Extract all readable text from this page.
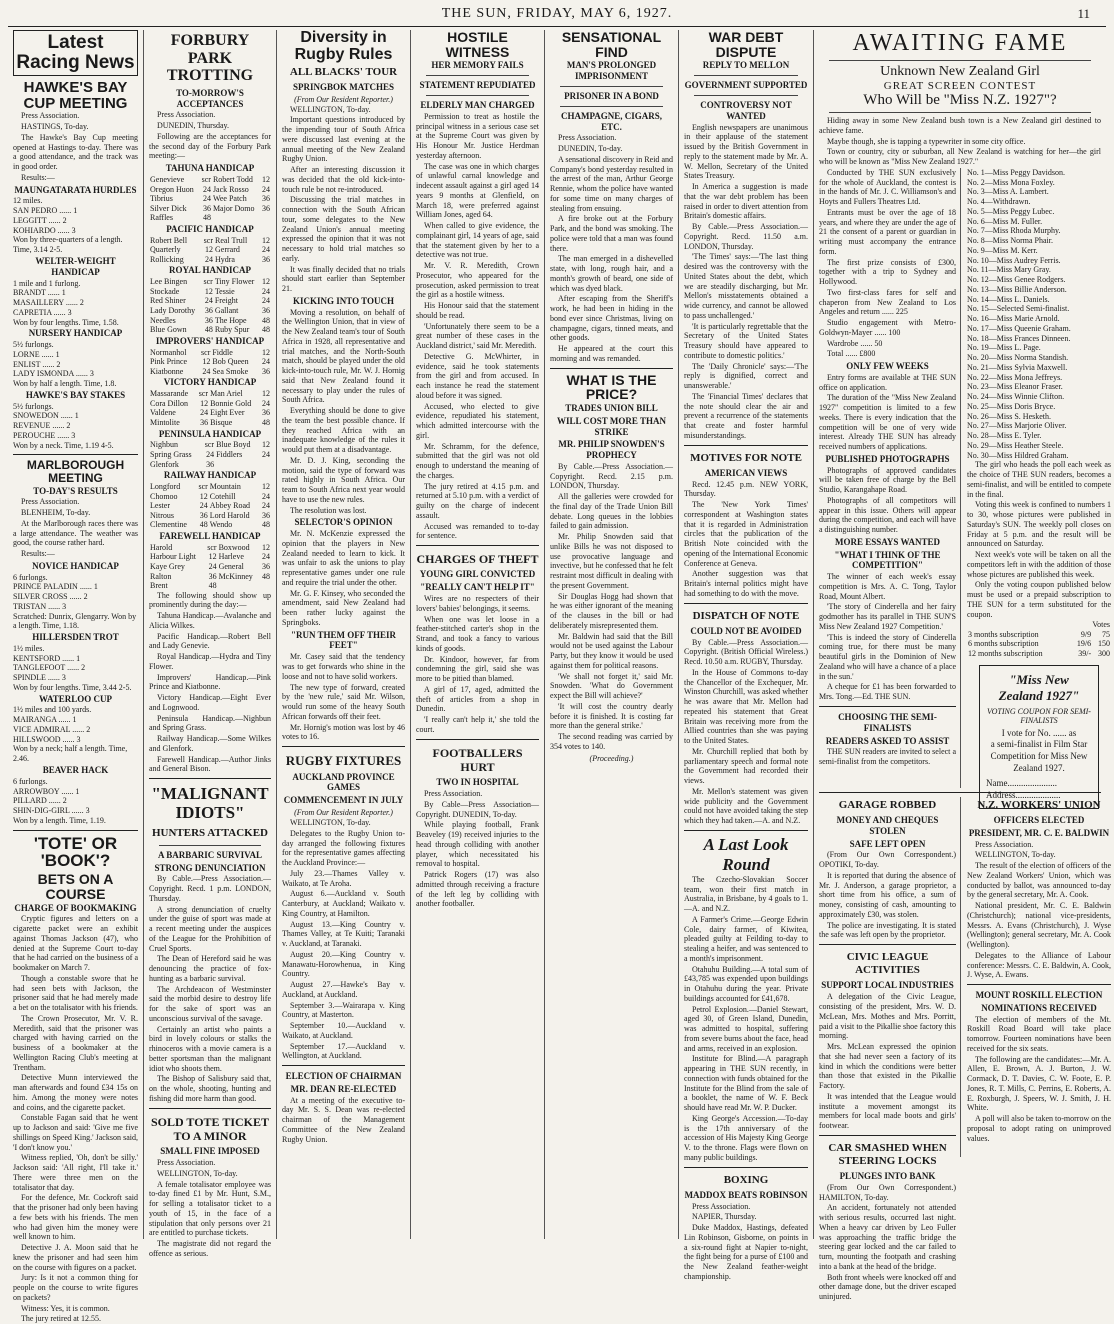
THE SUN, FRIDAY, MAY 6, 1927.	11
Latest Racing News
HAWKE'S BAY CUP MEETING
Press Association.
HASTINGS, To-day.
The Hawke's Bay Cup meeting opened at Hastings to-day. There was a good attendance, and the track was in good order.
Results:—
MAUNGATARATA HURDLES
12 miles.
SAN PEDRO ...... 1
LEGGITT ...... 2
KOHIARDO ...... 3
Won by three-quarters of a length. Time, 3.14 2-5.
WELTER-WEIGHT HANDICAP
1 mile and 1 furlong.
BRANDT ...... 1
MASAILLERY ...... 2
CAPRETIA ...... 3
Won by four lengths. Time, 1.58.
NURSERY HANDICAP
5½ furlongs.
LORNE ...... 1
ENLIST ...... 2
LADY ISMONDA ...... 3
Won by half a length. Time, 1.8.
HAWKE'S BAY STAKES
5½ furlongs.
SNOWEDON ...... 1
REVENUE ...... 2
PEROUCHE ...... 3
Won by a neck. Time, 1.19 4-5.
MARLBOROUGH MEETING
TO-DAY'S RESULTS
Press Association.
BLENHEIM, To-day.
At the Marlborough races there was a large attendance. The weather was good, the course rather hard.
Results:—
NOVICE HANDICAP
6 furlongs.
PRINCE PALADIN ...... 1
SILVER CROSS ...... 2
TRISTAN ...... 3
Scratched: Dunrix, Glengarry. Won by a length. Time, 1.18.
HILLERSDEN TROT
1½ miles.
KENTSFORD ...... 1
TANGLEFOOT ...... 2
SPINDLE ...... 3
Won by four lengths. Time, 3.44 2-5.
WATERLOO CUP
1½ miles and 100 yards.
MAIRANGA ...... 1
VICE ADMIRAL ...... 2
HILLSWOOD ...... 3
Won by a neck; half a length. Time, 2.46.
BEAVER HACK
6 furlongs.
ARROWBOY ...... 1
PILLARD ...... 2
SHIN-DIG-GIRL ...... 3
Won by a length. Time, 1.19.
'TOTE' OR 'BOOK'?
BETS ON A COURSE
CHARGE OF BOOKMAKING
Cryptic figures and letters on a cigarette packet were an exhibit against Thomas Jackson (47), who denied at the Supreme Court to-day that he had carried on the business of a bookmaker on March 7.
Though a constable swore that he had seen bets with Jackson, the prisoner said that he had merely made a bet on the totalisator with his friends.
The Crown Prosecutor, Mr. V. R. Meredith, said that the prisoner was charged with having carried on the business of a bookmaker at the Wellington Racing Club's meeting at Trentham.
Detective Munn interviewed the man afterwards and found £34 15s on him. Among the money were notes and coins, and the cigarette packet.
Constable Fagan said that he went up to Jackson and said: 'Give me five shillings on Speed King.' Jackson said, 'I don't know you.'
Witness replied, 'Oh, don't be silly.' Jackson said: 'All right, I'll take it.' There were three men on the totalisator that day.
For the defence, Mr. Cockroft said that the prisoner had only been having a few bets with his friends. The men who had given him the money were well known to him.
Detective J. A. Moon said that he knew the prisoner and had seen him on the course with figures on a packet.
Jury: Is it not a common thing for people on the course to write figures on packets?
Witness: Yes, it is common.
The jury retired at 12.55.
FORBURY PARK TROTTING
TO-MORROW'S ACCEPTANCES
Press Association.
DUNEDIN, Thursday.
Following are the acceptances for the second day of the Forbury Park meeting:—
TAHUNA HANDICAP
Genevieve	scr	Robert Todd	12
Oregon Huon	24	Jack Rosso	24
Tibrius	24	Wee Patch	36
Silver Dick	36	Major Domo	36
Raffles	48		
PACIFIC HANDICAP
Robert Bell	scr	Real Trull	12
Quarterly	12	Gerrard	24
Rollicking	24	Hydra	36
ROYAL HANDICAP
Lee Bingen	scr	Tiny Flower	12
Stockade	12	Tessie	24
Red Shiner	24	Freight	24
Lady Dorothy	36	Gallant	36
Needles	36	The Hope	48
Blue Gown	48	Ruby Spur	48
IMPROVERS' HANDICAP
Normanhol	scr	Fiddle	12
Pink Prince	12	Bob Queen	24
Kiatbonne	24	Sea Smoke	36
VICTORY HANDICAP
Massarande	scr	Man Ariel	12
Cora Dillon	12	Bonnie Gold	24
Valdene	24	Eight Ever	36
Mintolite	36	Bisque	48
PENINSULA HANDICAP
Nighbun	scr	Blue Boyd	12
Spring Grass	24	Fiddlers	24
Glenfork	36		
RAILWAY HANDICAP
Longford	scr	Mountain	12
Chomoo	12	Cotehill	24
Lester	24	Abbey Road	24
Nitrous	36	Lord Harold	36
Clementine	48	Wendo	48
FAREWELL HANDICAP
Harold	scr	Boxwood	12
Harbour Light	12	Harleve	24
Kaye Grey	24	General	36
Ralton	36	McKinney	48
Brent	48		
The following should show up prominently during the day:—
Tahuna Handicap.—Avalanche and Alicia Wilkes.
Pacific Handicap.—Robert Bell and Lady Genevie.
Royal Handicap.—Hydra and Tiny Flower.
Improvers' Handicap.—Pink Prince and Kiatbonne.
Victory Handicap.—Eight Ever and Lognwood.
Peninsula Handicap.—Nighbun and Spring Grass.
Railway Handicap.—Some Wilkes and Glenfork.
Farewell Handicap.—Author Jinks and General Bison.
"MALIGNANT IDIOTS"
HUNTERS ATTACKED
A BARBARIC SURVIVAL
STRONG DENUNCIATION
By Cable.—Press Association.—Copyright. Recd. 1 p.m. LONDON, Thursday.
A strong denunciation of cruelty under the guise of sport was made at a recent meeting under the auspices of the League for the Prohibition of Cruel Sports.
The Dean of Hereford said he was denouncing the practice of fox-hunting as a barbaric survival.
The Archdeacon of Westminster said the morbid desire to destroy life for the sake of sport was an unconscious survival of the savage.
Certainly an artist who paints a bird in lovely colours or stalks the rhinoceros with a movie camera is a better sportsman than the malignant idiot who shoots them.
The Bishop of Salisbury said that, on the whole, shooting, hunting and fishing did more harm than good.
SOLD TOTE TICKET TO A MINOR
SMALL FINE IMPOSED
Press Association.
WELLINGTON, To-day.
A female totalisator employee was to-day fined £1 by Mr. Hunt, S.M., for selling a totalisator ticket to a youth of 15, in the face of a stipulation that only persons over 21 are entitled to purchase tickets.
The magistrate did not regard the offence as serious.
Diversity in Rugby Rules
ALL BLACKS' TOUR
SPRINGBOK MATCHES
(From Our Resident Reporter.)
WELLINGTON, To-day.
Important questions introduced by the impending tour of South Africa were discussed last evening at the annual meeting of the New Zealand Rugby Union.
After an interesting discussion it was decided that the old kick-into-touch rule be not re-introduced.
Discussing the trial matches in connection with the South African tour, some delegates to the New Zealand Union's annual meeting expressed the opinion that it was not necessary to hold trial matches so early.
It was finally decided that no trials should start earlier than September 21.
KICKING INTO TOUCH
Moving a resolution, on behalf of the Wellington Union, that in view of the New Zealand team's tour of South Africa in 1928, all representative and trial matches, and the North-South match, should be played under the old kick-into-touch rule, Mr. W. J. Hornig said that New Zealand found it necessary to play under the rules of South Africa.
Everything should be done to give the team the best possible chance. If they reached Africa with an inadequate knowledge of the rules it would put them at a disadvantage.
Mr. D. J. King, seconding the motion, said the type of forward was rated highly in South Africa. Our team to South Africa next year would have to use the new rules.
The resolution was lost.
SELECTOR'S OPINION
Mr. N. McKenzie expressed the opinion that the players in New Zealand needed to learn to kick. It was unfair to ask the unions to play representative games under one rule and require the trial under the other.
Mr. G. F. Kinsey, who seconded the amendment, said New Zealand had been rather lucky against the Springboks.
"RUN THEM OFF THEIR FEET"
Mr. Casey said that the tendency was to get forwards who shine in the loose and not to have solid workers.
The new type of forward, created by the 'new rule,' said Mr. Wilson, would run some of the heavy South African forwards off their feet.
Mr. Hornig's motion was lost by 46 votes to 16.
RUGBY FIXTURES
AUCKLAND PROVINCE GAMES
COMMENCEMENT IN JULY
(From Our Resident Reporter.)
WELLINGTON, To-day.
Delegates to the Rugby Union to-day arranged the following fixtures for the representative games affecting the Auckland Province:—
July 23.—Thames Valley v. Waikato, at Te Aroha.
August 6.—Auckland v. South Canterbury, at Auckland; Waikato v. King Country, at Hamilton.
August 13.—King Country v. Thames Valley, at Te Kuiti; Taranaki v. Auckland, at Taranaki.
August 20.—King Country v. Manawatu-Horowhenua, in King Country.
August 27.—Hawke's Bay v. Auckland, at Auckland.
September 3.—Wairarapa v. King Country, at Masterton.
September 10.—Auckland v. Waikato, at Auckland.
September 17.—Auckland v. Wellington, at Auckland.
ELECTION OF CHAIRMAN
MR. DEAN RE-ELECTED
At a meeting of the executive to-day Mr. S. S. Dean was re-elected chairman of the Management Committee of the New Zealand Rugby Union.
HOSTILE WITNESS
HER MEMORY FAILS
STATEMENT REPUDIATED
ELDERLY MAN CHARGED
Permission to treat as hostile the principal witness in a serious case set at the Supreme Court was given by His Honour Mr. Justice Herdman yesterday afternoon.
The case was one in which charges of unlawful carnal knowledge and indecent assault against a girl aged 14 years 9 months at Glenfield, on March 18, were preferred against William Jones, aged 64.
When called to give evidence, the complainant girl, 14 years of age, said that the statement given by her to a detective was not true.
Mr. V. R. Meredith, Crown Prosecutor, who appeared for the prosecution, asked permission to treat the girl as a hostile witness.
His Honour said that the statement should be read.
'Unfortunately there seem to be a great number of these cases in the Auckland district,' said Mr. Meredith.
Detective G. McWhirter, in evidence, said he took statements from the girl and from accused. In each instance he read the statement aloud before it was signed.
Accused, who elected to give evidence, repudiated his statement, which admitted intercourse with the girl.
Mr. Schramm, for the defence, submitted that the girl was not old enough to understand the meaning of the charges.
The jury retired at 4.15 p.m. and returned at 5.10 p.m. with a verdict of guilty on the charge of indecent assault.
Accused was remanded to to-day for sentence.
CHARGES OF THEFT
YOUNG GIRL CONVICTED
"REALLY CAN'T HELP IT"
Wires are no respecters of their lovers' babies' belongings, it seems.
When one was let loose in a feather-stitched carter's shop in the Strand, and took a fancy to various kinds of goods.
Dr. Kindoor, however, far from condemning the girl, said she was more to be pitied than blamed.
A girl of 17, aged, admitted the theft of articles from a shop in Dunedin.
'I really can't help it,' she told the court.
FOOTBALLERS HURT
TWO IN HOSPITAL
Press Association.
By Cable—Press Association—Copyright. DUNEDIN, To-day.
While playing football, Frank Beaveley (19) received injuries to the head through colliding with another player, which necessitated his removal to hospital.
Patrick Rogers (17) was also admitted through receiving a fracture of the left leg by colliding with another footballer.
SENSATIONAL FIND
MAN'S PROLONGED IMPRISONMENT
PRISONER IN A BOND
CHAMPAGNE, CIGARS, ETC.
Press Association.
DUNEDIN, To-day.
A sensational discovery in Reid and Company's bond yesterday resulted in the arrest of the man, Arthur George Rennie, whom the police have wanted for some time on many charges of stealing from ensuing.
A fire broke out at the Forbury Park, and the bond was smoking. The police were told that a man was found there.
The man emerged in a dishevelled state, with long, rough hair, and a month's growth of beard, one side of which was dyed black.
After escaping from the Sheriff's work, he had been in hiding in the bond ever since Christmas, living on champagne, cigars, tinned meats, and other goods.
He appeared at the court this morning and was remanded.
WHAT IS THE PRICE?
TRADES UNION BILL
WILL COST MORE THAN STRIKE
MR. PHILIP SNOWDEN'S PROPHECY
By Cable.—Press Association.—Copyright. Recd. 2.15 p.m. LONDON, Thursday.
All the galleries were crowded for the final day of the Trade Union Bill debate. Long queues in the lobbies failed to gain admission.
Mr. Philip Snowden said that unlike Bills he was not disposed to use provocative language and invective, but he confessed that he felt restraint most difficult in dealing with the present Government.
Sir Douglas Hogg had shown that he was either ignorant of the meaning of the clauses in the bill or had deliberately misrepresented them.
Mr. Baldwin had said that the Bill would not be used against the Labour Party, but they know it would be used against them for political reasons.
'We shall not forget it,' said Mr. Snowden. 'What do Government expect the Bill will achieve?'
'It will cost the country dearly before it is finished. It is costing far more than the general strike.'
The second reading was carried by 354 votes to 140.
(Proceeding.)
WAR DEBT DISPUTE
REPLY TO MELLON
GOVERNMENT SUPPORTED
CONTROVERSY NOT WANTED
English newspapers are unanimous in their applause of the statement issued by the British Government in reply to the statement made by Mr. A. W. Mellon, Secretary of the United States Treasury.
In America a suggestion is made that the war debt problem has been raised in order to divert attention from Britain's domestic affairs.
By Cable.—Press Association.—Copyright. Recd. 11.50 a.m. LONDON, Thursday.
'The Times' says:—'The last thing desired was the controversy with the United States about the debt, which we are steadily discharging, but Mr. Mellon's misstatements obtained a wide currency, and cannot be allowed to pass unchallenged.'
'It is particularly regrettable that the Secretary of the United States Treasury should have appeared to contribute to domestic politics.'
The 'Daily Chronicle' says:—'The reply is dignified, correct and unanswerable.'
The 'Financial Times' declares that the note should clear the air and prevent a recurrence of the statements that create and foster harmful misunderstandings.
MOTIVES FOR NOTE
AMERICAN VIEWS
Recd. 12.45 p.m. NEW YORK, Thursday.
The 'New York Times' correspondent at Washington states that it is regarded in Administration circles that the publication of the British Note coincided with the opening of the International Economic Conference at Geneva.
Another suggestion was that Britain's internal politics might have had something to do with the move.
DISPATCH OF NOTE
COULD NOT BE AVOIDED
By Cable.—Press Association.—Copyright. (British Official Wireless.) Recd. 10.50 a.m. RUGBY, Thursday.
In the House of Commons to-day the Chancellor of the Exchequer, Mr. Winston Churchill, was asked whether he was aware that Mr. Mellon had repeated his statement that Great Britain was receiving more from the Allied countries than she was paying to the United States.
Mr. Churchill replied that both by parliamentary speech and formal note the Government had recorded their views.
Mr. Mellon's statement was given wide publicity and the Government could not have avoided taking the step which they had taken.—A. and N.Z.
A Last Look Round
The Czecho-Slovakian Soccer team, won their first match in Australia, in Brisbane, by 4 goals to 1.—A. and N.Z.
A Farmer's Crime.—George Edwin Cole, dairy farmer, of Kiwitea, pleaded guilty at Feilding to-day to stealing a heifer, and was sentenced to a month's imprisonment.
Otahuhu Building.—A total sum of £43,785 was expended upon buildings in Otahuhu during the year. Private buildings accounted for £41,678.
Petrol Explosion.—Daniel Stewart, aged 30, of Green Island, Dunedin, was admitted to hospital, suffering from severe burns about the face, head and arms, received in an explosion.
Institute for Blind.—A paragraph appearing in THE SUN recently, in connection with funds obtained for the Institute for the Blind from the sale of a booklet, the name of W. F. Beck should have read Mr. W. P. Ducker.
King George's Accession.—To-day is the 17th anniversary of the accession of His Majesty King George V. to the throne. Flags were flown on many public buildings.
BOXING
MADDOX BEATS ROBINSON
Press Association.
NAPIER, Thursday.
Duke Maddox, Hastings, defeated Lin Robinson, Gisborne, on points in a six-round fight at Napier to-night, the fight being for a purse of £100 and the New Zealand feather-weight championship.
AWAITING FAME
Unknown New Zealand Girl
GREAT SCREEN CONTEST
Who Will be "Miss N.Z. 1927"?
Hiding away in some New Zealand bush town is a New Zealand girl destined to achieve fame.
Maybe though, she is tapping a typewriter in some city office.
Town or country, city or suburban, all New Zealand is watching for her—the girl who will be known as "Miss New Zealand 1927."
Conducted by THE SUN exclusively for the whole of Auckland, the contest is in the hands of Mr. J. C. Williamson's and Hoyts and Fullers Theatres Ltd.
Entrants must be over the age of 18 years, and where they are under the age of 21 the consent of a parent or guardian in writing must accompany the entrance form.
The first prize consists of £300, together with a trip to Sydney and Hollywood.
Two first-class fares for self and chaperon from New Zealand to Los Angeles and return ...... 225
Studio engagement with Metro-Goldwyn-Mayer ...... 100
Wardrobe ...... 50
Total ...... £800
ONLY FEW WEEKS
Entry forms are available at THE SUN office on application.
The duration of the "Miss New Zealand 1927" competition is limited to a few weeks. There is every indication that the competition will be one of very wide interest. Already THE SUN has already received numbers of applications.
PUBLISHED PHOTOGRAPHS
Photographs of approved candidates will be taken free of charge by the Bell Studio, Karangahape Road.
Photographs of all competitors will appear in this issue. Others will appear during the competition, and each will have a distinguishing number.
MORE ESSAYS WANTED
"WHAT I THINK OF THE COMPETITION"
The winner of each week's essay competition is Mrs. A. C. Tong, Taylor Road, Mount Albert.
'The story of Cinderella and her fairy godmother has its parallel in THE SUN'S Miss New Zealand 1927 Competition.'
'This is indeed the story of Cinderella coming true, for there must be many beautiful girls in the Dominion of New Zealand who will have a chance of a place in the sun.'
A cheque for £1 has been forwarded to Mrs. Tong.—Ed. THE SUN.
CHOOSING THE SEMI-FINALISTS
READERS ASKED TO ASSIST
THE SUN readers are invited to select a semi-finalist from the competitors.
No. 1—Miss Peggy Davidson.
No. 2—Miss Mona Foxley.
No. 3—Miss A. Lambert.
No. 4—Withdrawn.
No. 5—Miss Peggy Lubec.
No. 6—Miss M. Fuller.
No. 7—Miss Rhoda Murphy.
No. 8—Miss Norma Phair.
No. 9—Miss M. Kerr.
No. 10—Miss Audrey Ferris.
No. 11—Miss Mary Gray.
No. 12—Miss Genee Rodgers.
No. 13—Miss Billie Anderson.
No. 14—Miss L. Daniels.
No. 15—Selected Semi-finalist.
No. 16—Miss Marie Arnold.
No. 17—Miss Queenie Graham.
No. 18—Miss Frances Dinneen.
No. 19—Miss L. Page.
No. 20—Miss Norma Standish.
No. 21—Miss Sylvia Maxwell.
No. 22—Miss Mona Jeffreys.
No. 23—Miss Eleanor Fraser.
No. 24—Miss Winnie Clifton.
No. 25—Miss Doris Bryce.
No. 26—Miss S. Hesketh.
No. 27—Miss Marjorie Oliver.
No. 28—Miss E. Tyler.
No. 29—Miss Heather Steele.
No. 30—Miss Hildred Graham.
The girl who heads the poll each week as the choice of THE SUN readers, becomes a semi-finalist, and will be entitled to compete in the final.
Voting this week is confined to numbers 1 to 30, whose pictures were published in Saturday's SUN. The weekly poll closes on Friday at 5 p.m. and the result will be announced on Saturday.
Next week's vote will be taken on all the competitors left in with the addition of those whose pictures are published this week.
Only the voting coupon published below must be used or a prepaid subscription to THE SUN for a term substituted for the coupon.
Votes		
3 months subscription	9/9	75
6 months subscription	19/6	150
12 months subscription	39/-	300
"Miss New Zealand 1927"
VOTING COUPON FOR SEMI-FINALISTS
I vote for No. ...... as
a semi-finalist in Film Star
Competition for Miss New
Zealand 1927.
Name......................
Address....................
GARAGE ROBBED
MONEY AND CHEQUES STOLEN
SAFE LEFT OPEN
(From Our Own Correspondent.) OPOTIKI, To-day.
It is reported that during the absence of Mr. J. Anderson, a garage proprietor, a short time from his office, a sum of money, consisting of cash, amounting to approximately £30, was stolen.
The police are investigating. It is stated the safe was left open by the proprietor.
CIVIC LEAGUE ACTIVITIES
SUPPORT LOCAL INDUSTRIES
A delegation of the Civic League, consisting of the president, Mrs. W. D. McLean, Mrs. Mothes and Mrs. Porritt, paid a visit to the Pikallie shoe factory this morning.
Mrs. McLean expressed the opinion that she had never seen a factory of its kind in which the conditions were better than those that existed in the Pikallie Factory.
It was intended that the League would institute a movement amongst its members for local made boots and girls' footwear.
CAR SMASHED WHEN STEERING LOCKS
PLUNGES INTO BANK
(From Our Own Correspondent.) HAMILTON, To-day.
An accident, fortunately not attended with serious results, occurred last night. When a heavy car driven by Leo Fuller was approaching the traffic bridge the steering gear locked and the car failed to turn, mounting the footpath and crashing into a bank at the head of the bridge.
Both front wheels were knocked off and other damage done, but the driver escaped uninjured.
N.Z. WORKERS' UNION
OFFICERS ELECTED
PRESIDENT, MR. C. E. BALDWIN
Press Association.
WELLINGTON, To-day.
The result of the election of officers of the New Zealand Workers' Union, which was conducted by ballot, was announced to-day by the general secretary, Mr. A. Cook.
National president, Mr. C. E. Baldwin (Christchurch); national vice-presidents, Messrs. A. Evans (Christchurch), J. Wyse (Wellington); general secretary, Mr. A. Cook (Wellington).
Delegates to the Alliance of Labour conference: Messrs. C. E. Baldwin, A. Cook, J. Wyse, A. Ewans.
MOUNT ROSKILL ELECTION
NOMINATIONS RECEIVED
The election of members of the Mt. Roskill Road Board will take place tomorrow. Fourteen nominations have been received for the six seats.
The following are the candidates:—Mr. A. Allen, E. Brown, A. J. Burton, J. W. Cormack, D. T. Davies, C. W. Foote, E. P. Jones, R. T. Mills, C. Perrins, E. Roberts, A. E. Roxburgh, J. Speers, W. J. Smith, J. H. White.
A poll will also be taken to-morrow on the proposal to adopt rating on unimproved values.
